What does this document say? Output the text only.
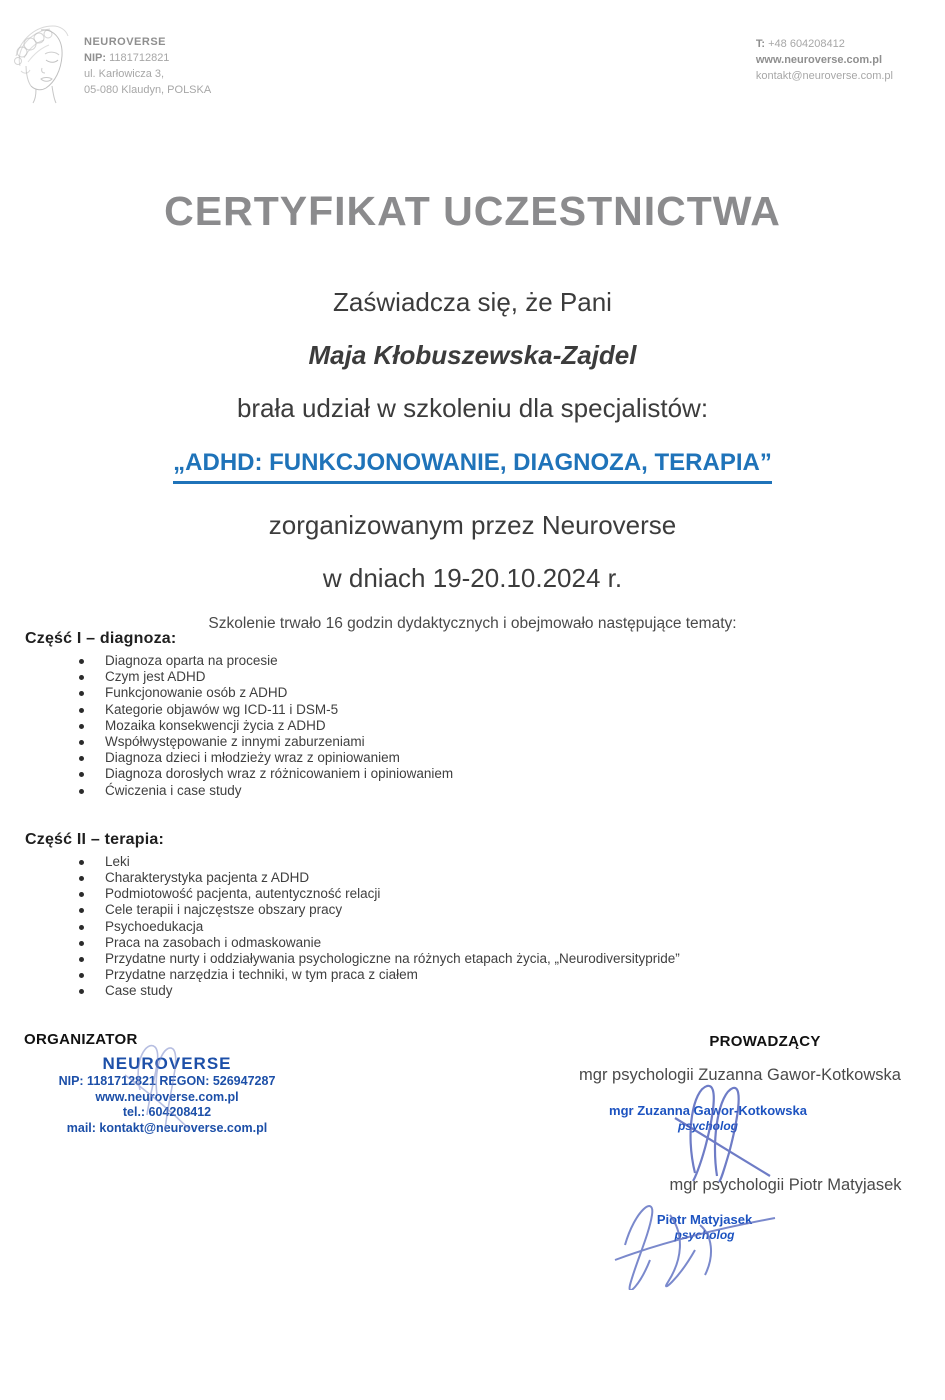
NEUROVERSE
NIP: 1181712821
ul. Karłowicza 3,
05-080 Klaudyn, POLSKA
T: +48 604208412
www.neuroverse.com.pl
kontakt@neuroverse.com.pl
CERTYFIKAT UCZESTNICTWA

Zaświadcza się, że Pani

Maja Kłobuszewska-Zajdel

brała udział w szkoleniu dla specjalistów:

„ADHD: FUNKCJONOWANIE, DIAGNOZA, TERAPIA”

zorganizowanym przez Neuroverse

w dniach 19-20.10.2024 r.

Szkolenie trwało 16 godzin dydaktycznych i obejmowało następujące tematy:

Część I – diagnoza:
Diagnoza oparta na procesie
Czym jest ADHD
Funkcjonowanie osób z ADHD
Kategorie objawów wg ICD-11 i DSM-5
Mozaika konsekwencji życia z ADHD
Współwystępowanie z innymi zaburzeniami
Diagnoza dzieci i młodzieży wraz z opiniowaniem
Diagnoza dorosłych wraz z różnicowaniem i opiniowaniem
Ćwiczenia i case study
Część II – terapia:
Leki
Charakterystyka pacjenta z ADHD
Podmiotowość pacjenta, autentyczność relacji
Cele terapii i najczęstsze obszary pracy
Psychoedukacja
Praca na zasobach i odmaskowanie
Przydatne nurty i oddziaływania psychologiczne na różnych etapach życia, „Neurodiversitypride”
Przydatne narzędzia i techniki, w tym praca z ciałem
Case study
ORGANIZATOR	PROWADZĄCY
NEUROVERSE
NIP: 1181712821 REGON: 526947287
www.neuroverse.com.pl
tel.: 604208412
mail: kontakt@neuroverse.com.pl

mgr psychologii Zuzanna Gawor-Kotkowska

mgr Zuzanna Gawor-Kotkowska
psycholog

mgr psychologii Piotr Matyjasek

Piotr Matyjasek
psycholog
